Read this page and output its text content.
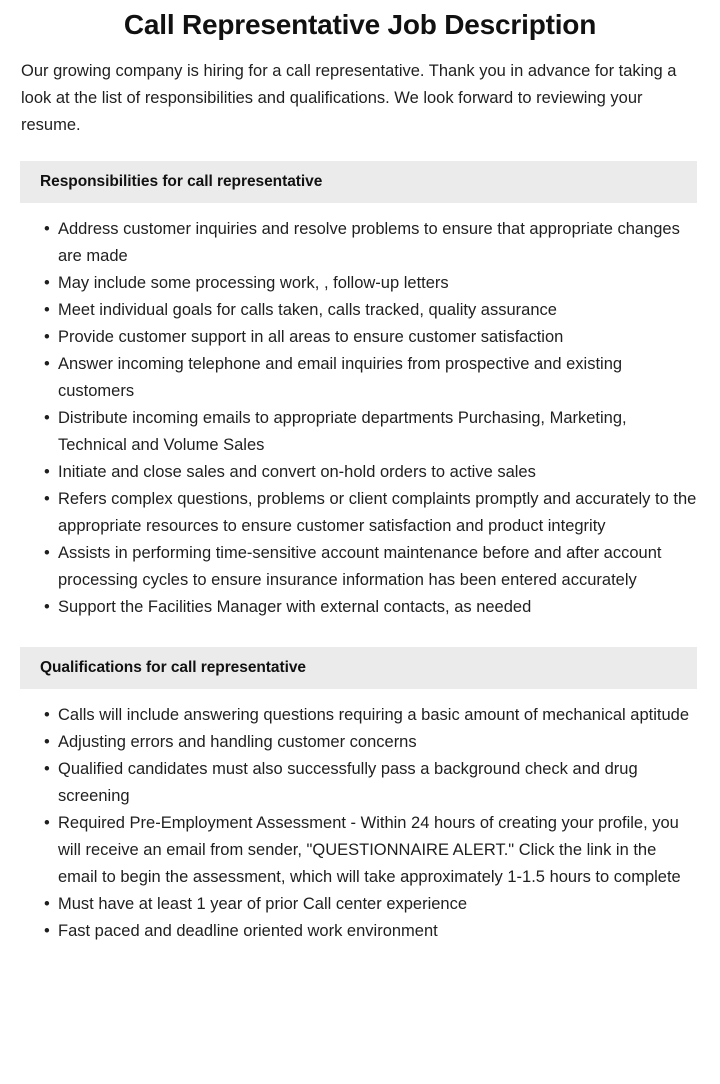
Call Representative Job Description

Our growing company is hiring for a call representative. Thank you in advance for taking a look at the list of responsibilities and qualifications. We look forward to reviewing your resume.

Responsibilities for call representative
• Address customer inquiries and resolve problems to ensure that appropriate changes are made
• May include some processing work, , follow-up letters
• Meet individual goals for calls taken, calls tracked, quality assurance
• Provide customer support in all areas to ensure customer satisfaction
• Answer incoming telephone and email inquiries from prospective and existing customers
• Distribute incoming emails to appropriate departments Purchasing, Marketing, Technical and Volume Sales
• Initiate and close sales and convert on-hold orders to active sales
• Refers complex questions, problems or client complaints promptly and accurately to the appropriate resources to ensure customer satisfaction and product integrity
• Assists in performing time-sensitive account maintenance before and after account processing cycles to ensure insurance information has been entered accurately
• Support the Facilities Manager with external contacts, as needed
Qualifications for call representative
• Calls will include answering questions requiring a basic amount of mechanical aptitude
• Adjusting errors and handling customer concerns
• Qualified candidates must also successfully pass a background check and drug screening
• Required Pre-Employment Assessment - Within 24 hours of creating your profile, you will receive an email from sender, "QUESTIONNAIRE ALERT." Click the link in the email to begin the assessment, which will take approximately 1-1.5 hours to complete
• Must have at least 1 year of prior Call center experience
• Fast paced and deadline oriented work environment
